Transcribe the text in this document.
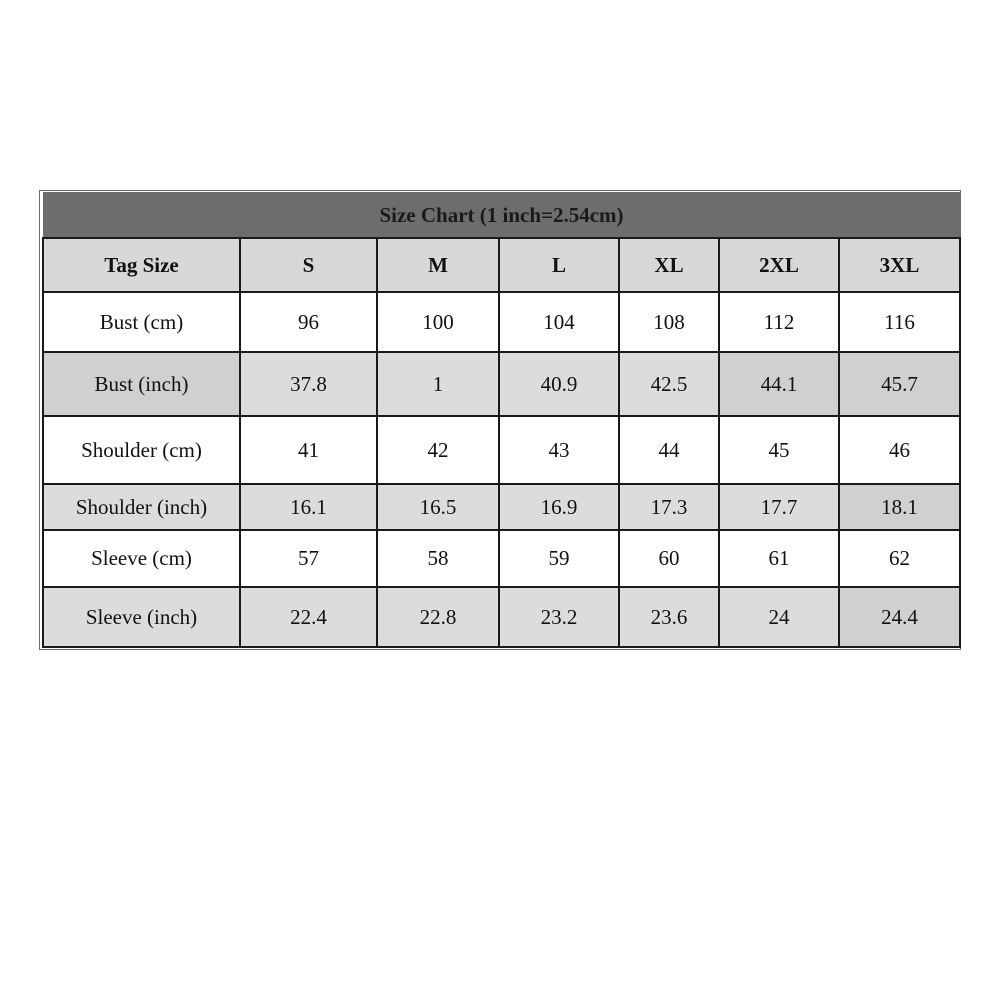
Size Chart (1 inch=2.54cm)						
Tag Size	S	M	L	XL	2XL	3XL
Bust (cm)	96	100	104	108	112	116
Bust (inch)	37.8	1	40.9	42.5	44.1	45.7
Shoulder (cm)	41	42	43	44	45	46
Shoulder (inch)	16.1	16.5	16.9	17.3	17.7	18.1
Sleeve (cm)	57	58	59	60	61	62
Sleeve (inch)	22.4	22.8	23.2	23.6	24	24.4
